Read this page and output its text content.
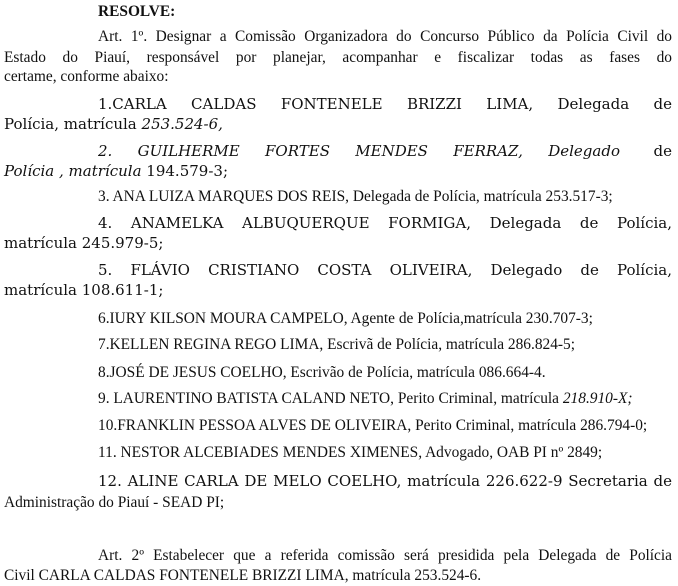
RESOLVE:
Art. 1º. Designar a Comissão Organizadora do Concurso Público da Polícia Civil do
Estado do Piauí, responsável por planejar, acompanhar e fiscalizar todas as fases do
certame, conforme abaixo:
1.CARLA CALDAS FONTENELE BRIZZI LIMA, Delegada de
Polícia, matrícula 253.524-6,
2. GUILHERME FORTES MENDES FERRAZ, Delegado de
Polícia , matrícula 194.579-3;
3. ANA LUIZA MARQUES DOS REIS, Delegada de Polícia, matrícula 253.517-3;
4. ANAMELKA ALBUQUERQUE FORMIGA, Delegada de Polícia,
matrícula 245.979-5;
5. FLÁVIO CRISTIANO COSTA OLIVEIRA, Delegado de Polícia,
matrícula 108.611-1;
6.IURY KILSON MOURA CAMPELO, Agente de Polícia,matrícula 230.707-3;
7.KELLEN REGINA REGO LIMA, Escrivã de Polícia, matrícula 286.824-5;
8.JOSÉ DE JESUS COELHO, Escrivão de Polícia, matrícula 086.664-4.
9. LAURENTINO BATISTA CALAND NETO, Perito Criminal, matrícula 218.910-X;
10.FRANKLIN PESSOA ALVES DE OLIVEIRA, Perito Criminal, matrícula 286.794-0;
11. NESTOR ALCEBIADES MENDES XIMENES, Advogado, OAB PI nº 2849;
12. ALINE CARLA DE MELO COELHO, matrícula 226.622-9 Secretaria de
Administração do Piauí - SEAD PI;
Art. 2º Estabelecer que a referida comissão será presidida pela Delegada de Polícia
Civil CARLA CALDAS FONTENELE BRIZZI LIMA, matrícula 253.524-6.
